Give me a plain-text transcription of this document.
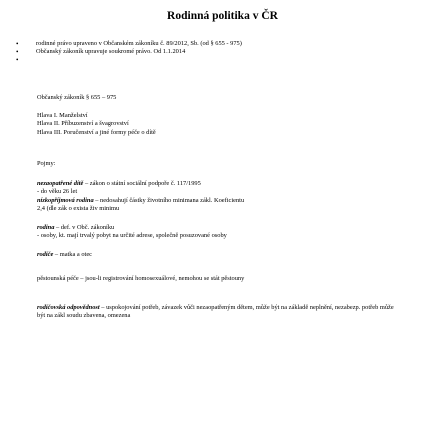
Rodinná politika v ČR
•	rodinné právo upraveno v Občanském zákoníku č. 89/2012, Sb. (od § 655 - 975)
•	Občanský zákoník upravuje soukromé právo. Od 1.1.2014
•
Občanský zákoník § 655 – 975
Hlava I. Manželství
Hlava II. Příbuzenství a švagrovství
Hlava III. Poručenství a jiné formy péče o dítě
Pojmy:
nezaopatřené dítě – zákon o státní sociální podpoře č. 117/1995
- do věku 26 let
nízkopříjmová rodina – nedosahují částky životního minimana zákl. Koeficientu
2,4 (dle zák o exista živ minimu
rodina – def. v Obč. zákoníku
- osoby, kt. mají trvalý pobyt na určité adrese, společně posuzované osoby
rodiče – matka a otec
pěstounská péče – jsou-li registrování homosexuálové, nemohou se stát pěstouny
rodičovská odpovědnost – uspokojování potřeb, závazek vůči nezaopatřeným dětem, může být na základě neplnění, nezabezp. potřeb může být na zákl soudu zbavena, omezena
